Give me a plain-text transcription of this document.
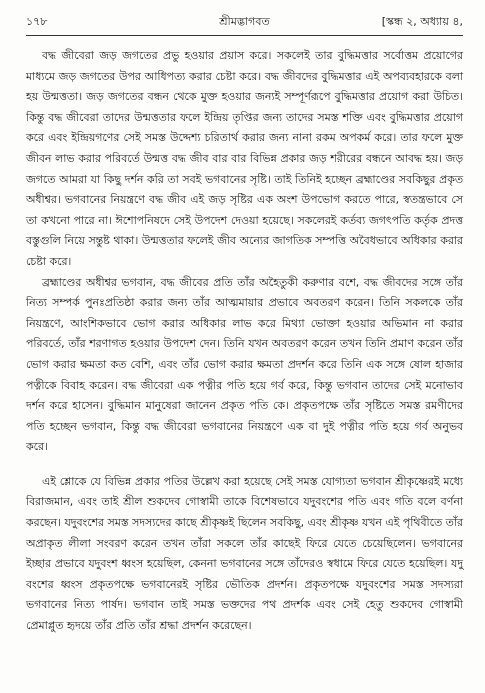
১৭৮	শ্রীমদ্ভাগবত	[স্কন্ধ ২, অধ্যায় ৪,

বদ্ধ জীবেরা জড় জগতের প্রভু হওয়ার প্রয়াস করে। সকলেই তার বুদ্ধিমত্তার সর্বোত্তম প্রয়োগের মাধ্যমে জড় জগতের উপর আধিপত্য করার চেষ্টা করে। বদ্ধ জীবদের বুদ্ধিমত্তার এই অপব্যবহারকে বলা হয় উন্মত্ততা। জড় জগতের বন্ধন থেকে মুক্ত হওয়ার জন্যই সম্পূর্ণরূপে বুদ্ধিমত্তার প্রয়োগ করা উচিত। কিন্তু বদ্ধ জীবেরা তাদের উন্মত্ততার ফলে ইন্দ্রিয় তৃপ্তির জন্য তাদের সমস্ত শক্তি এবং বুদ্ধিমত্তার প্রয়োগ করে এবং ইন্দ্রিয়গণের সেই সমস্ত উদ্দেশ্য চরিতার্থ করার জন্য নানা রকম অপকর্ম করে। তার ফলে মুক্ত জীবন লাভ করার পরিবর্তে উন্মত্ত বদ্ধ জীব বার বার বিভিন্ন প্রকার জড় শরীরের বন্ধনে আবদ্ধ হয়। জড় জগতে আমরা যা কিছু দর্শন করি তা সবই ভগবানের সৃষ্টি। তাই তিনিই হচ্ছেন ব্রহ্মাণ্ডের সবকিছুর প্রকৃত অধীশ্বর। ভগবানের নিয়ন্ত্রণে বদ্ধ জীব এই জড় সৃষ্টির এক অংশ উপভোগ করতে পারে, স্বতন্ত্রভাবে সে তা কখনো পারে না। ঈশোপনিষদে সেই উপদেশ দেওয়া হয়েছে। সকলেরই কর্তব্য জগৎপতি কর্তৃক প্রদত্ত বস্তুগুলি নিয়ে সন্তুষ্ট থাকা। উন্মত্ততার ফলেই জীব অন্যের জাগতিক সম্পত্তি অবৈধভাবে অধিকার করার চেষ্টা করে।

ব্রহ্মাণ্ডের অধীশ্বর ভগবান, বদ্ধ জীবের প্রতি তাঁর অহৈতুকী করুণার বশে, বদ্ধ জীবদের সঙ্গে তাঁর নিত্য সম্পর্ক পুনঃপ্রতিষ্ঠা করার জন্য তাঁর আত্মমায়ার প্রভাবে অবতরণ করেন। তিনি সকলকে তাঁর নিয়ন্ত্রণে, আংশিকভাবে ভোগ করার অধিকার লাভ করে মিথ্যা ভোক্তা হওয়ার অভিমান না করার পরিবর্তে, তাঁর শরণাগত হওয়ার উপদেশ দেন। তিনি যখন অবতরণ করেন তখন তিনি প্রমাণ করেন তাঁর ভোগ করার ক্ষমতা কত বেশি, এবং তাঁর ভোগ করার ক্ষমতা প্রদর্শন করে তিনি এক সঙ্গে ষোল হাজার পত্নীকে বিবাহ করেন। বদ্ধ জীবেরা এক পত্নীর পতি হয়ে গর্ব করে, কিন্তু ভগবান তাদের সেই মনোভাব দর্শন করে হাসেন। বুদ্ধিমান মানুষেরা জানেন প্রকৃত পতি কে। প্রকৃতপক্ষে তাঁর সৃষ্টিতে সমস্ত রমণীদের পতি হচ্ছেন ভগবান, কিন্তু বদ্ধ জীবেরা ভগবানের নিয়ন্ত্রণে এক বা দুই পত্নীর পতি হয়ে গর্ব অনুভব করে।

এই শ্লোকে যে বিভিন্ন প্রকার পতির উল্লেখ করা হয়েছে সেই সমস্ত যোগ্যতা ভগবান শ্রীকৃষ্ণেরই মধ্যে বিরাজমান, এবং তাই শ্রীল শুকদেব গোস্বামী তাকে বিশেষভাবে যদুবংশের পতি এবং গতি বলে বর্ণনা করছেন। যদুবংশের সমস্ত সদস্যদের কাছে শ্রীকৃষ্ণই ছিলেন সবকিছু, এবং শ্রীকৃষ্ণ যখন এই পৃথিবীতে তাঁর অপ্রাকৃত লীলা সংবরণ করেন তখন তাঁরা সকলে তাঁর কাছেই ফিরে যেতে চেয়েছিলেন। ভগবানের ইচ্ছার প্রভাবে যদুবংশ ধ্বংস হয়েছিল, কেননা ভগবানের সঙ্গে তাঁদেরও স্বধামে ফিরে যেতে হয়েছিল। যদু বংশের ধ্বংস প্রকৃতপক্ষে ভগবানেরই সৃষ্টির ভৌতিক প্রদর্শন। প্রকৃতপক্ষে যদুবংশের সমস্ত সদস্যরা ভগবানের নিত্য পার্ষদ। ভগবান তাই সমস্ত ভক্তদের পথ প্রদর্শক এবং সেই হেতু শুকদেব গোস্বামী প্রেমাপ্লুত হৃদয়ে তাঁর প্রতি তাঁর শ্রদ্ধা প্রদর্শন করেছেন।
